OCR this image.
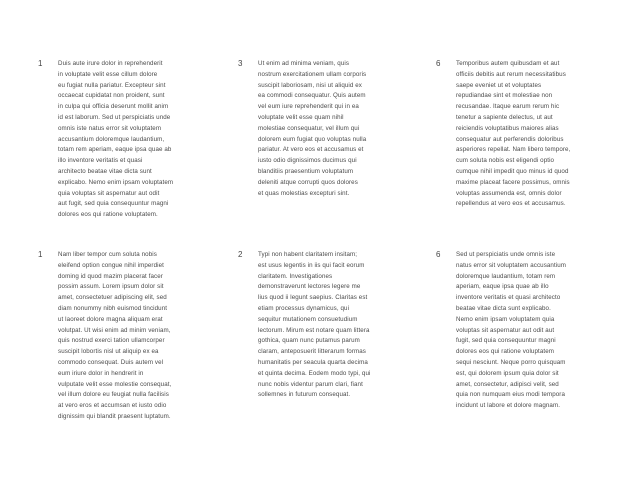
1	Duis aute irure dolor in reprehenderit
in voluptate velit esse cillum dolore
eu fugiat nulla pariatur. Excepteur sint
occaecat cupidatat non proident, sunt
in culpa qui officia deserunt mollit anim
id est laborum. Sed ut perspiciatis unde
omnis iste natus error sit voluptatem
accusantium doloremque laudantium,
totam rem aperiam, eaque ipsa quae ab
illo inventore veritatis et quasi
architecto beatae vitae dicta sunt
explicabo. Nemo enim ipsam voluptatem
quia voluptas sit aspernatur aut odit
aut fugit, sed quia consequuntur magni
dolores eos qui ratione voluptatem.

3	Ut enim ad minima veniam, quis
nostrum exercitationem ullam corporis
suscipit laboriosam, nisi ut aliquid ex
ea commodi consequatur. Quis autem
vel eum iure reprehenderit qui in ea
voluptate velit esse quam nihil
molestiae consequatur, vel illum qui
dolorem eum fugiat quo voluptas nulla
pariatur. At vero eos et accusamus et
iusto odio dignissimos ducimus qui
blanditiis praesentium voluptatum
deleniti atque corrupti quos dolores
et quas molestias excepturi sint.

6	Temporibus autem quibusdam et aut
officiis debitis aut rerum necessitatibus
saepe eveniet ut et voluptates
repudiandae sint et molestiae non
recusandae. Itaque earum rerum hic
tenetur a sapiente delectus, ut aut
reiciendis voluptatibus maiores alias
consequatur aut perferendis doloribus
asperiores repellat. Nam libero tempore,
cum soluta nobis est eligendi optio
cumque nihil impedit quo minus id quod
maxime placeat facere possimus, omnis
voluptas assumenda est, omnis dolor
repellendus at vero eos et accusamus.

1	Nam liber tempor cum soluta nobis
eleifend option congue nihil imperdiet
doming id quod mazim placerat facer
possim assum. Lorem ipsum dolor sit
amet, consectetuer adipiscing elit, sed
diam nonummy nibh euismod tincidunt
ut laoreet dolore magna aliquam erat
volutpat. Ut wisi enim ad minim veniam,
quis nostrud exerci tation ullamcorper
suscipit lobortis nisl ut aliquip ex ea
commodo consequat. Duis autem vel
eum iriure dolor in hendrerit in
vulputate velit esse molestie consequat,
vel illum dolore eu feugiat nulla facilisis
at vero eros et accumsan et iusto odio
dignissim qui blandit praesent luptatum.

2	Typi non habent claritatem insitam;
est usus legentis in iis qui facit eorum
claritatem. Investigationes
demonstraverunt lectores legere me
lius quod ii legunt saepius. Claritas est
etiam processus dynamicus, qui
sequitur mutationem consuetudium
lectorum. Mirum est notare quam littera
gothica, quam nunc putamus parum
claram, anteposuerit litterarum formas
humanitatis per seacula quarta decima
et quinta decima. Eodem modo typi, qui
nunc nobis videntur parum clari, fiant
sollemnes in futurum consequat.

6	Sed ut perspiciatis unde omnis iste
natus error sit voluptatem accusantium
doloremque laudantium, totam rem
aperiam, eaque ipsa quae ab illo
inventore veritatis et quasi architecto
beatae vitae dicta sunt explicabo.
Nemo enim ipsam voluptatem quia
voluptas sit aspernatur aut odit aut
fugit, sed quia consequuntur magni
dolores eos qui ratione voluptatem
sequi nesciunt. Neque porro quisquam
est, qui dolorem ipsum quia dolor sit
amet, consectetur, adipisci velit, sed
quia non numquam eius modi tempora
incidunt ut labore et dolore magnam.
